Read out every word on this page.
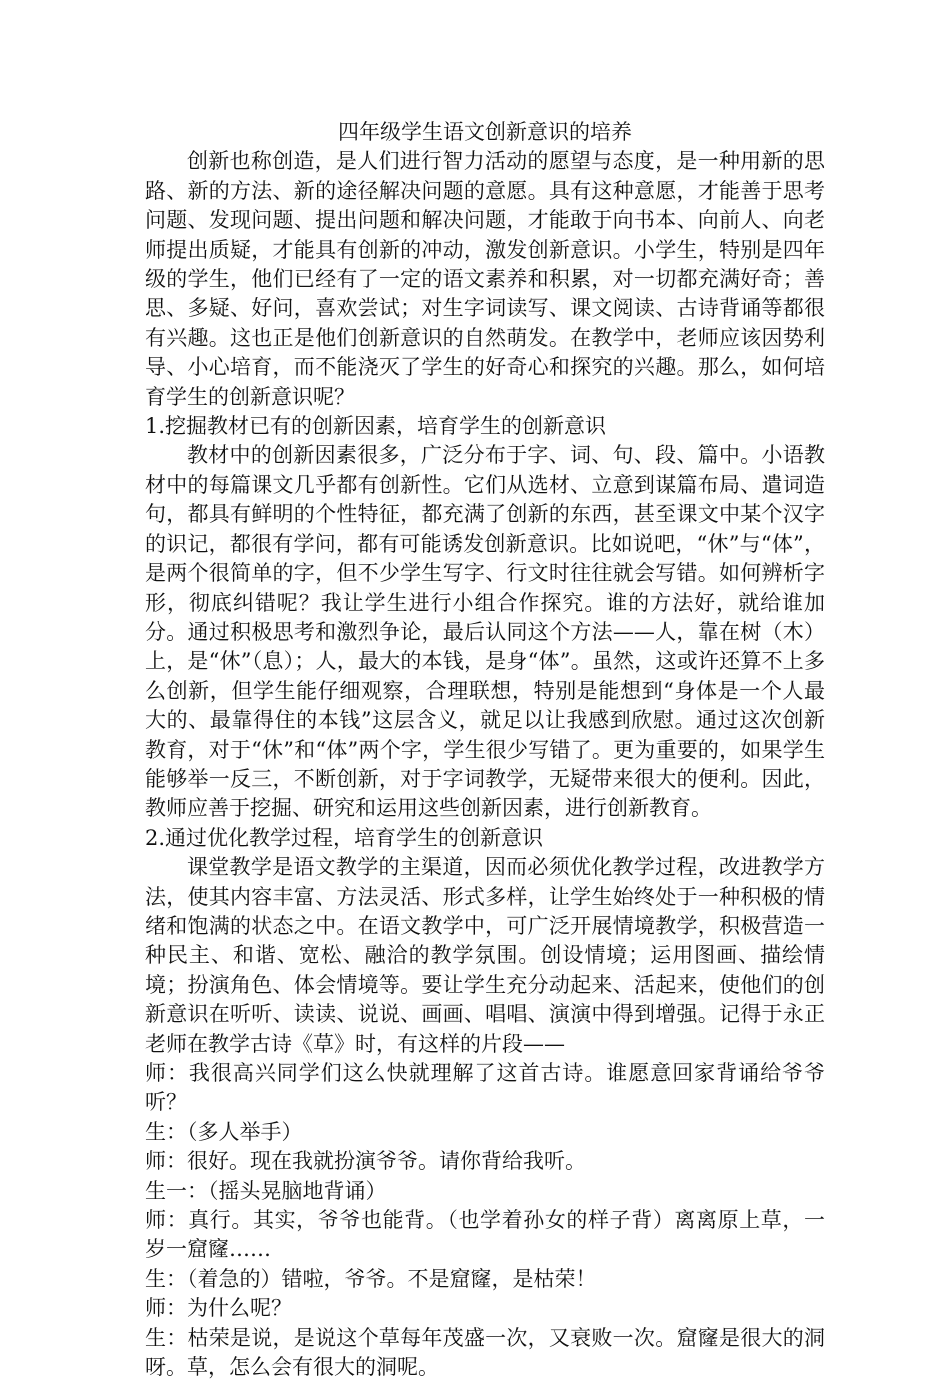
四年级学生语文创新意识的培养

创新也称创造，是人们进行智力活动的愿望与态度，是一种用新的思路、新的方法、新的途径解决问题的意愿。具有这种意愿，才能善于思考问题、发现问题、提出问题和解决问题，才能敢于向书本、向前人、向老师提出质疑，才能具有创新的冲动，激发创新意识。小学生，特别是四年级的学生，他们已经有了一定的语文素养和积累，对一切都充满好奇；善思、多疑、好问，喜欢尝试；对生字词读写、课文阅读、古诗背诵等都很有兴趣。这也正是他们创新意识的自然萌发。在教学中，老师应该因势利导、小心培育，而不能浇灭了学生的好奇心和探究的兴趣。那么，如何培育学生的创新意识呢？

1.挖掘教材已有的创新因素，培育学生的创新意识

教材中的创新因素很多，广泛分布于字、词、句、段、篇中。小语教材中的每篇课文几乎都有创新性。它们从选材、立意到谋篇布局、遣词造句，都具有鲜明的个性特征，都充满了创新的东西，甚至课文中某个汉字的识记，都很有学问，都有可能诱发创新意识。比如说吧，“休”与“体”，是两个很简单的字，但不少学生写字、行文时往往就会写错。如何辨析字形，彻底纠错呢？我让学生进行小组合作探究。谁的方法好，就给谁加分。通过积极思考和激烈争论，最后认同这个方法——人，靠在树（木）上，是“休”（息）；人，最大的本钱，是身“体”。虽然，这或许还算不上多么创新，但学生能仔细观察，合理联想，特别是能想到“身体是一个人最大的、最靠得住的本钱”这层含义，就足以让我感到欣慰。通过这次创新教育，对于“休”和“体”两个字，学生很少写错了。更为重要的，如果学生能够举一反三，不断创新，对于字词教学，无疑带来很大的便利。因此，教师应善于挖掘、研究和运用这些创新因素，进行创新教育。

2.通过优化教学过程，培育学生的创新意识

课堂教学是语文教学的主渠道，因而必须优化教学过程，改进教学方法，使其内容丰富、方法灵活、形式多样，让学生始终处于一种积极的情绪和饱满的状态之中。在语文教学中，可广泛开展情境教学，积极营造一种民主、和谐、宽松、融洽的教学氛围。创设情境；运用图画、描绘情境；扮演角色、体会情境等。要让学生充分动起来、活起来，使他们的创新意识在听听、读读、说说、画画、唱唱、演演中得到增强。记得于永正老师在教学古诗《草》时，有这样的片段——

师：我很高兴同学们这么快就理解了这首古诗。谁愿意回家背诵给爷爷听？

生：（多人举手）

师：很好。现在我就扮演爷爷。请你背给我听。

生一：（摇头晃脑地背诵）

师：真行。其实，爷爷也能背。（也学着孙女的样子背）离离原上草，一岁一窟窿……

生：（着急的）错啦，爷爷。不是窟窿，是枯荣！

师：为什么呢？

生：枯荣是说，是说这个草每年茂盛一次，又衰败一次。窟窿是很大的洞呀。草，怎么会有很大的洞呢。
